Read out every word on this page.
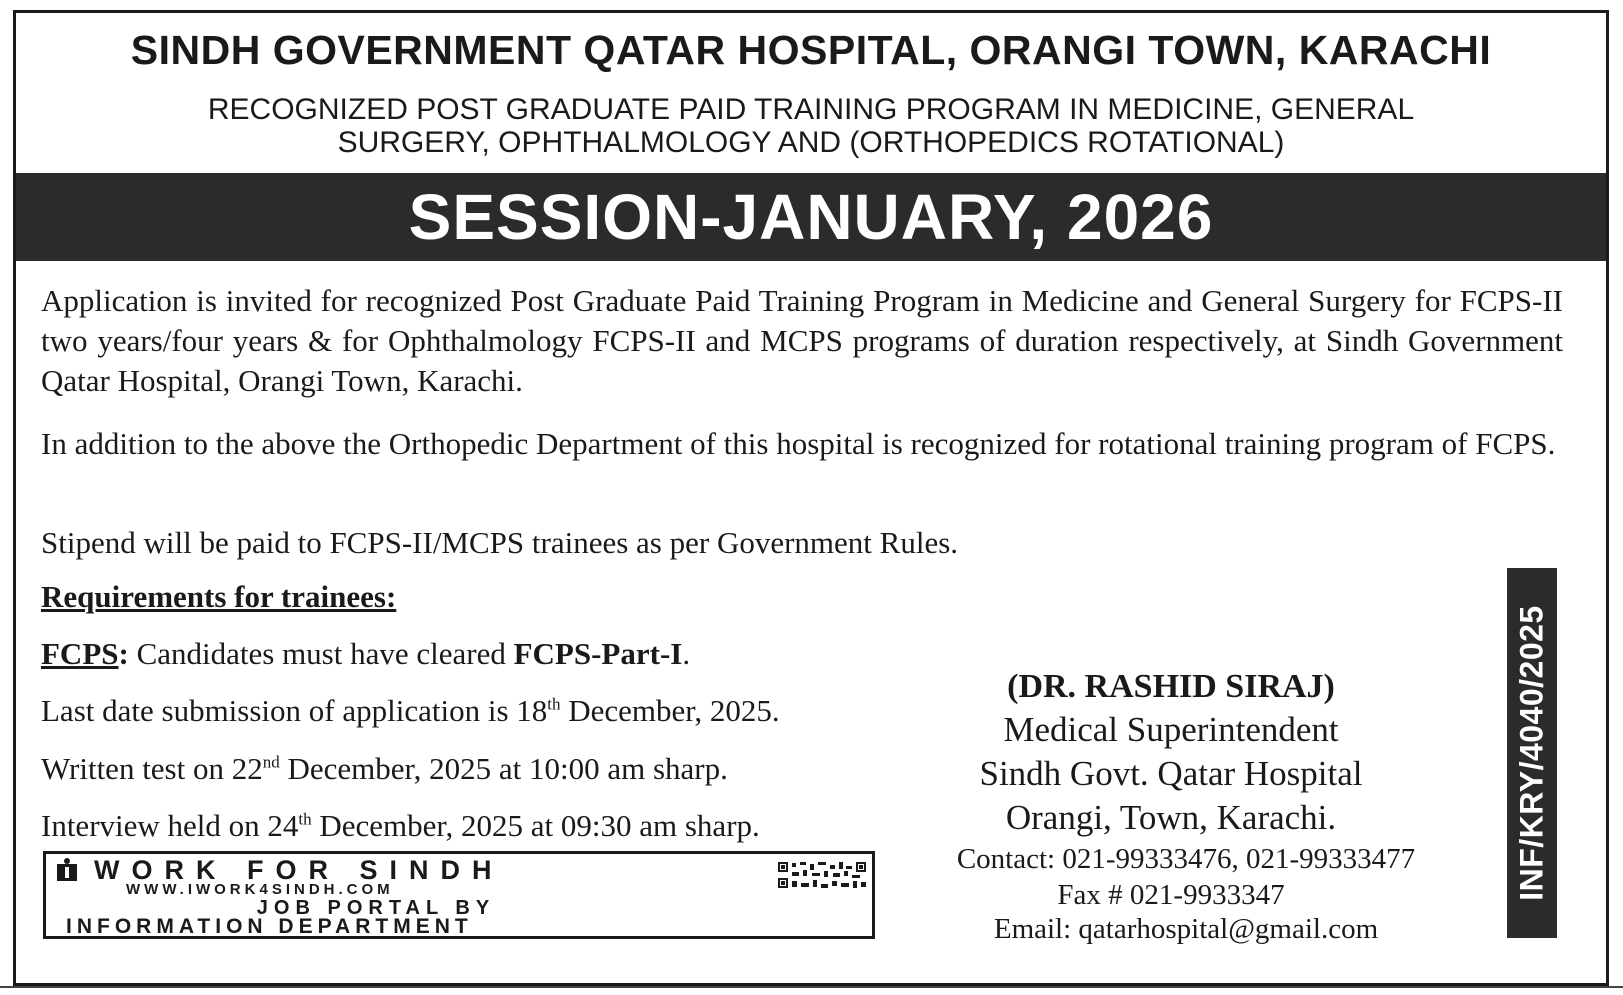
SINDH GOVERNMENT QATAR HOSPITAL, ORANGI TOWN, KARACHI
RECOGNIZED POST GRADUATE PAID TRAINING PROGRAM IN MEDICINE, GENERAL
SURGERY, OPHTHALMOLOGY AND (ORTHOPEDICS ROTATIONAL)
SESSION-JANUARY, 2026
Application is invited for recognized Post Graduate Paid Training Program in Medicine and General Surgery for FCPS-II two years/four years & for Ophthalmology FCPS-II and MCPS programs of duration respectively, at Sindh Government Qatar Hospital, Orangi Town, Karachi.
In addition to the above the Orthopedic Department of this hospital is recognized for rotational training program of FCPS.
Stipend will be paid to FCPS-II/MCPS trainees as per Government Rules.
Requirements for trainees:
FCPS: Candidates must have cleared FCPS-Part-I.
Last date submission of application is 18th December, 2025.
Written test on 22nd December, 2025 at 10:00 am sharp.
Interview held on 24th December, 2025 at 09:30 am sharp.
(DR. RASHID SIRAJ)
Medical Superintendent
Sindh Govt. Qatar Hospital
Orangi, Town, Karachi.
Contact: 021-99333476, 021-99333477
Fax # 021-9933347
Email: qatarhospital@gmail.com
INF/KRY/4040/2025
WORK FOR SINDH
WWW.IWORK4SINDH.COM
JOB PORTAL BY
INFORMATION DEPARTMENT
